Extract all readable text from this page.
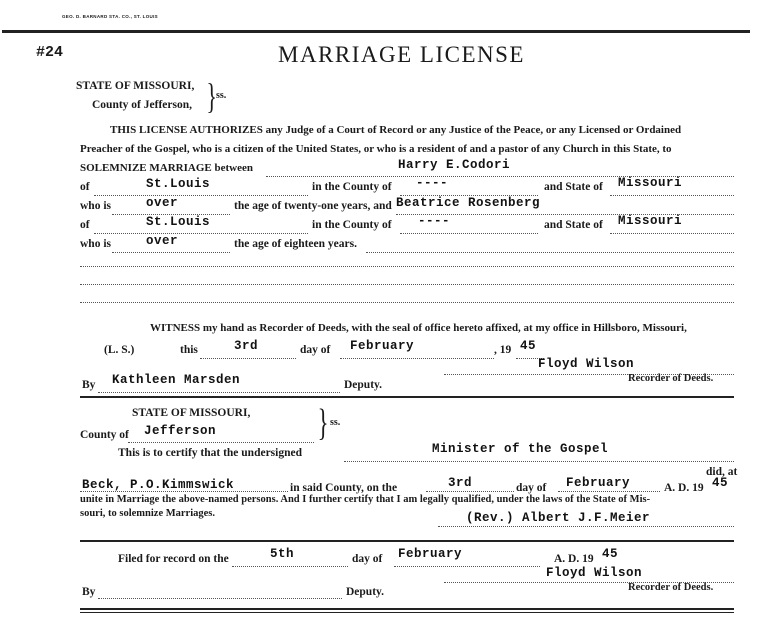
GEO. D. BARNARD STA. CO., ST. LOUIS
#24	MARRIAGE LICENSE
STATE OF MISSOURI,
County of Jefferson, } ss.
THIS LICENSE AUTHORIZES any Judge of a Court of Record or any Justice of the Peace, or any Licensed or Ordained
Preacher of the Gospel, who is a citizen of the United States, or who is a resident of and a pastor of any Church in this State, to
SOLEMNIZE MARRIAGE between	Harry E.Codori
of	St.Louis	in the County of ----	and State of Missouri
who is	over	the age of twenty-one years, and Beatrice Rosenberg
of	St.Louis	in the County of ----	and State of Missouri
who is	over	the age of eighteen years.
WITNESS my hand as Recorder of Deeds, with the seal of office hereto affixed, at my office in Hillsboro, Missouri,
(L. S.)	this	3rd	day of February	, 19 45
Floyd Wilson
Recorder of Deeds.
By Kathleen Marsden	Deputy.
STATE OF MISSOURI, } ss.
County of Jefferson
This is to certify that the undersigned	Minister of the Gospel
did, at
Beck, P.O.Kimmswick	in said County, on the	3rd	day of February	A. D. 19 45
unite in Marriage the above-named persons. And I further certify that I am legally qualified, under the laws of the State of Mis-
souri, to solemnize Marriages.	(Rev.) Albert J.F.Meier
Filed for record on the	5th	day of February	A. D. 19 45
Floyd Wilson
Recorder of Deeds.
By	Deputy.
